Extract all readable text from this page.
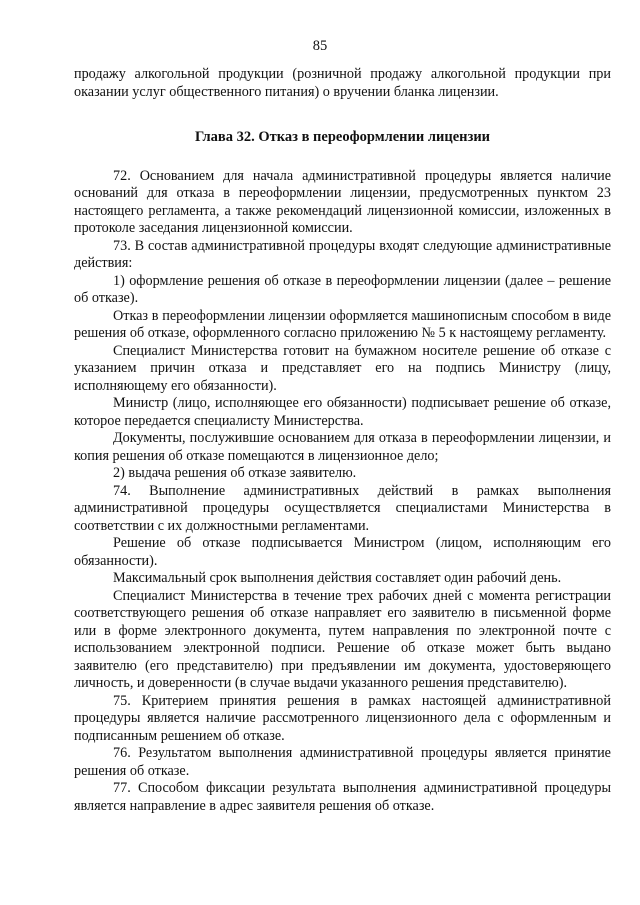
85

продажу алкогольной продукции (розничной продажу алкогольной продукции при оказании услуг общественного питания) о вручении бланка лицензии.

Глава 32. Отказ в переоформлении лицензии

72. Основанием для начала административной процедуры является наличие оснований для отказа в переоформлении лицензии, предусмотренных пунктом 23 настоящего регламента, а также рекомендаций лицензионной комиссии, изложенных в протоколе заседания лицензионной комиссии.

73. В состав административной процедуры входят следующие административные действия:

1) оформление решения об отказе в переоформлении лицензии (далее – решение об отказе).

Отказ в переоформлении лицензии оформляется машинописным способом в виде решения об отказе, оформленного согласно приложению № 5 к настоящему регламенту.

Специалист Министерства готовит на бумажном носителе решение об отказе с указанием причин отказа и представляет его на подпись Министру (лицу, исполняющему его обязанности).

Министр (лицо, исполняющее его обязанности) подписывает решение об отказе, которое передается специалисту Министерства.

Документы, послужившие основанием для отказа в переоформлении лицензии, и копия решения об отказе помещаются в лицензионное дело;

2) выдача решения об отказе заявителю.

74. Выполнение административных действий в рамках выполнения административной процедуры осуществляется специалистами Министерства в соответствии с их должностными регламентами.

Решение об отказе подписывается Министром (лицом, исполняющим его обязанности).

Максимальный срок выполнения действия составляет один рабочий день.

Специалист Министерства в течение трех рабочих дней с момента регистрации соответствующего решения об отказе направляет его заявителю в письменной форме или в форме электронного документа, путем направления по электронной почте с использованием электронной подписи. Решение об отказе может быть выдано заявителю (его представителю) при предъявлении им документа, удостоверяющего личность, и доверенности (в случае выдачи указанного решения представителю).

75. Критерием принятия решения в рамках настоящей административной процедуры является наличие рассмотренного лицензионного дела с оформленным и подписанным решением об отказе.

76. Результатом выполнения административной процедуры является принятие решения об отказе.

77. Способом фиксации результата выполнения административной процедуры является направление в адрес заявителя решения об отказе.
